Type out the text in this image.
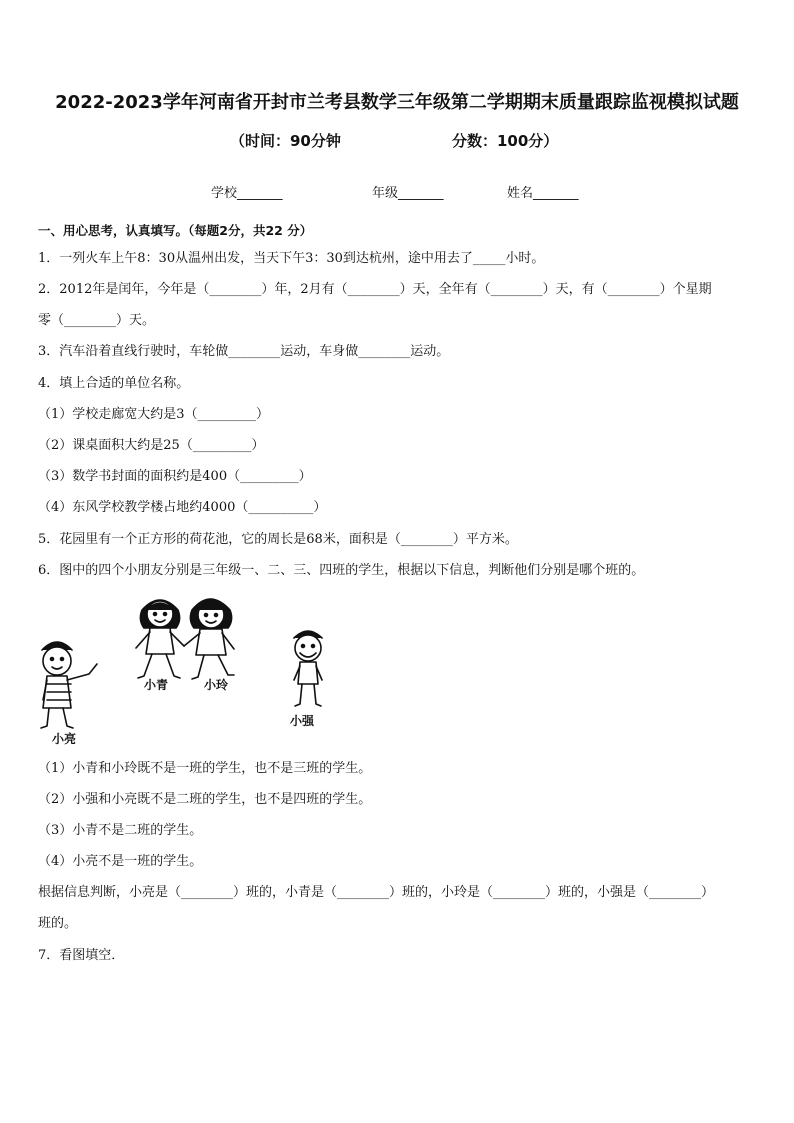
2022-2023学年河南省开封市兰考县数学三年级第二学期期末质量跟踪监视模拟试题
（时间：90分钟	分数：100分）
学校_______	年级_______	姓名_______
一、用心思考，认真填写。（每题2分，共22 分）
1．一列火车上午8：30从温州出发，当天下午3：30到达杭州，途中用去了_____小时。
2．2012年是闰年，今年是（________）年，2月有（________）天，全年有（________）天，有（________）个星期
零（________）天。
3．汽车沿着直线行驶时，车轮做________运动，车身做________运动。
4．填上合适的单位名称。
（1）学校走廊宽大约是3（_________）
（2）课桌面积大约是25（_________）
（3）数学书封面的面积约是400（_________）
（4）东风学校教学楼占地约4000（__________）
5．花园里有一个正方形的荷花池，它的周长是68米，面积是（________）平方米。
6．图中的四个小朋友分别是三年级一、二、三、四班的学生，根据以下信息，判断他们分别是哪个班的。
小青	小玲
小强
小亮
（1）小青和小玲既不是一班的学生，也不是三班的学生。
（2）小强和小亮既不是二班的学生，也不是四班的学生。
（3）小青不是二班的学生。
（4）小亮不是一班的学生。
根据信息判断，小亮是（________）班的，小青是（________）班的，小玲是（________）班的，小强是（________）
班的。
7．看图填空．
